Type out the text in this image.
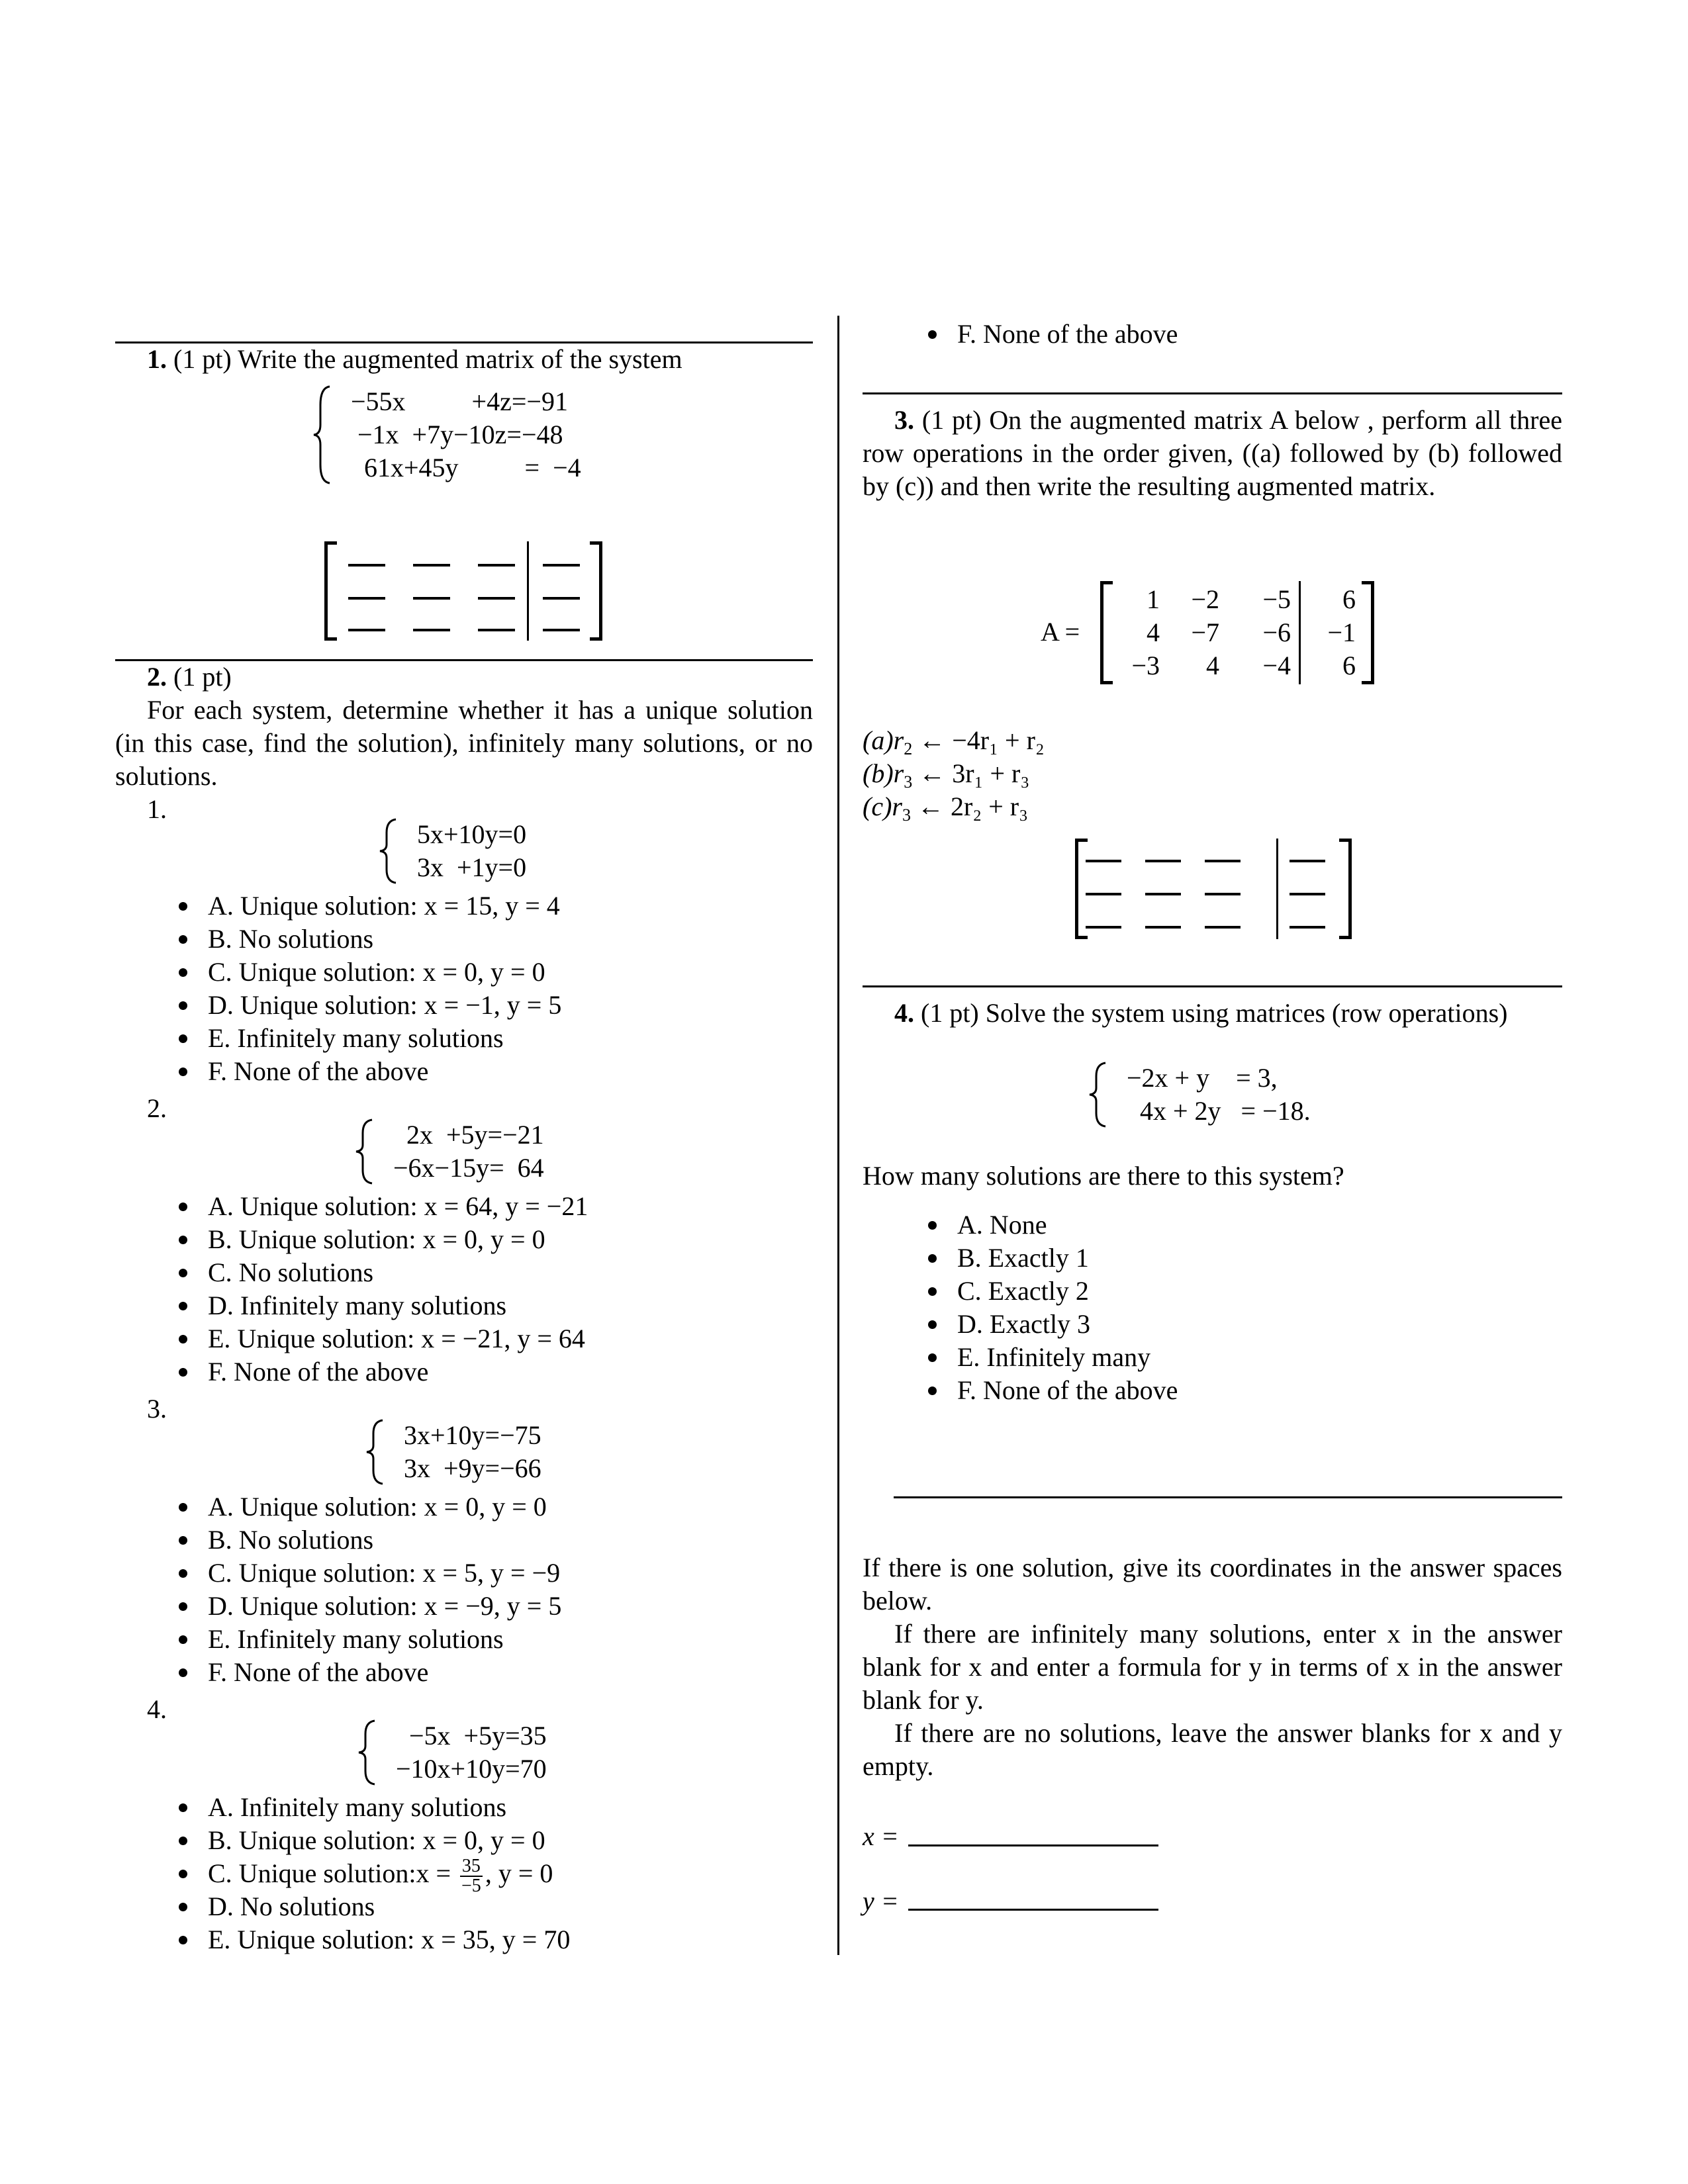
1. (1 pt) Write the augmented matrix of the system
−55x          +4z=−91
−1x  +7y−10z=−48
61x+45y          =  −4
2. (1 pt)
For each system, determine whether it has a unique solution (in this case, find the solution), infinitely many solutions, or no solutions.
1.
5x+10y=0
3x  +1y=0
A. Unique solution: x = 15, y = 4
B. No solutions
C. Unique solution: x = 0, y = 0
D. Unique solution: x = −1, y = 5
E. Infinitely many solutions
F. None of the above
2.
2x  +5y=−21
−6x−15y=  64
A. Unique solution: x = 64, y = −21
B. Unique solution: x = 0, y = 0
C. No solutions
D. Infinitely many solutions
E. Unique solution: x = −21, y = 64
F. None of the above
3.
3x+10y=−75
3x  +9y=−66
A. Unique solution: x = 0, y = 0
B. No solutions
C. Unique solution: x = 5, y = −9
D. Unique solution: x = −9, y = 5
E. Infinitely many solutions
F. None of the above
4.
−5x  +5y=35
−10x+10y=70
A. Infinitely many solutions
B. Unique solution: x = 0, y = 0
C. Unique solution:x = $\frac{35}{-5}$ , y = 0
D. No solutions
E. Unique solution: x = 35, y = 70
F. None of the above
3. (1 pt) On the augmented matrix A below , perform all three row operations in the order given, ((a) followed by (b) followed by (c)) and then write the resulting augmented matrix.
A =
1	−2	−5	6
4	−7	−6	−1
−3	4	−4	6
$(a)r_2$ ← −4r₁ + r₂
$(b)r_3$ ← 3r₁ + r₃
$(c)r_3$ ← 2r₂ + r₃
4. (1 pt) Solve the system using matrices (row operations)
−2x + y    = 3,
4x + 2y   = −18.
How many solutions are there to this system?
A. None
B. Exactly 1
C. Exactly 2
D. Exactly 3
E. Infinitely many
F. None of the above
If there is one solution, give its coordinates in the answer spaces below.
If there are infinitely many solutions, enter x in the answer blank for x and enter a formula for y in terms of x in the answer blank for y.
If there are no solutions, leave the answer blanks for x and y empty.
x =
y =
